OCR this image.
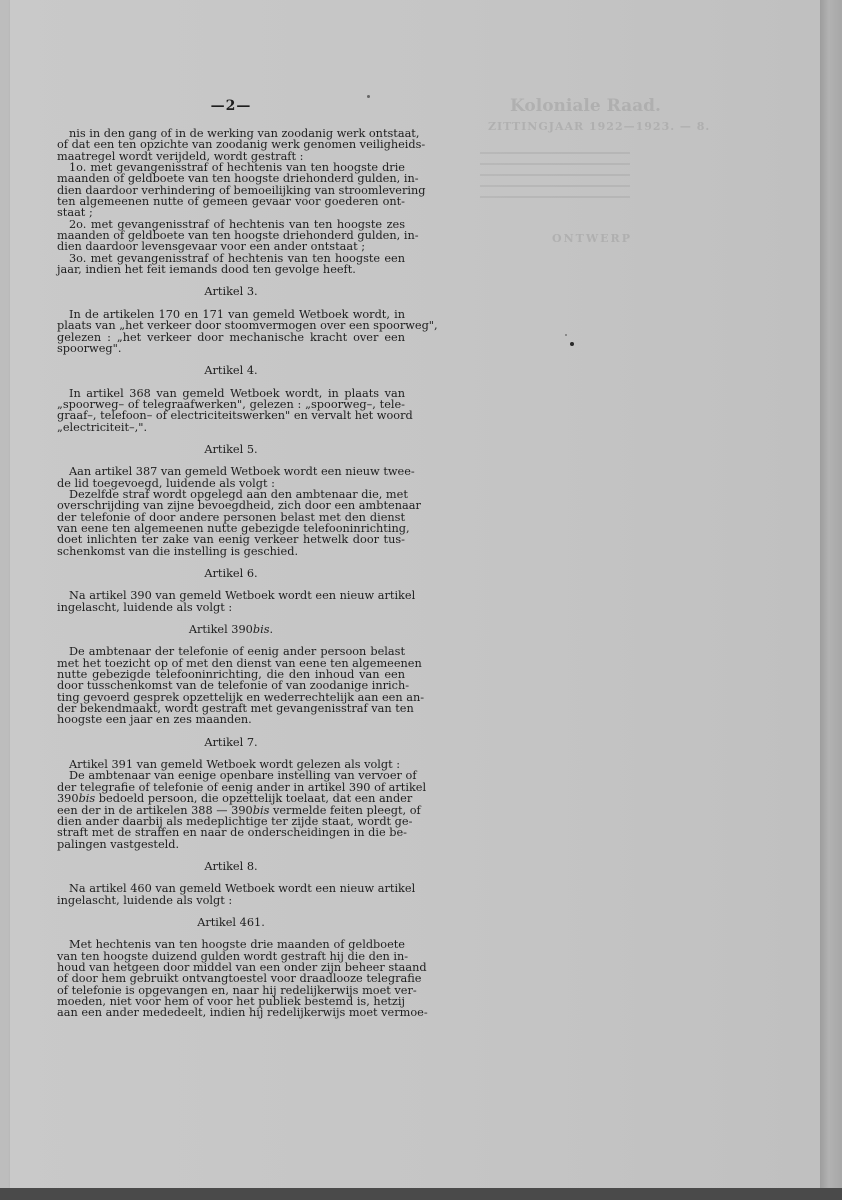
Koloniale Raad.
ZITTINGJAAR 1922—1923. — 8.
ONTWERP
—2—
nis in den gang of in de werking van zoodanig werk ontstaat,
of dat een ten opzichte van zoodanig werk genomen veiligheids-
maatregel wordt verijdeld, wordt gestraft :
1o. met gevangenisstraf of hechtenis van ten hoogste drie
maanden of geldboete van ten hoogste driehonderd gulden, in-
dien daardoor verhindering of bemoeilijking van stroomlevering
ten algemeenen nutte of gemeen gevaar voor goederen ont-
staat ;
2o. met gevangenisstraf of hechtenis van ten hoogste zes
maanden of geldboete van ten hoogste driehonderd gulden, in-
dien daardoor levensgevaar voor een ander ontstaat ;
3o. met gevangenisstraf of hechtenis van ten hoogste een
jaar, indien het feit iemands dood ten gevolge heeft.
Artikel 3.
In de artikelen 170 en 171 van gemeld Wetboek wordt, in
plaats van „het verkeer door stoomvermogen over een spoorweg",
gelezen : „het verkeer door mechanische kracht over een
spoorweg".
Artikel 4.
In artikel 368 van gemeld Wetboek wordt, in plaats van
„spoorweg– of telegraafwerken", gelezen : „spoorweg–, tele-
graaf–, telefoon– of electriciteitswerken" en vervalt het woord
„electriciteit–,".
Artikel 5.
Aan artikel 387 van gemeld Wetboek wordt een nieuw twee-
de lid toegevoegd, luidende als volgt :
Dezelfde straf wordt opgelegd aan den ambtenaar die, met
overschrijding van zijne bevoegdheid, zich door een ambtenaar
der telefonie of door andere personen belast met den dienst
van eene ten algemeenen nutte gebezigde telefooninrichting,
doet inlichten ter zake van eenig verkeer hetwelk door tus-
schenkomst van die instelling is geschied.
Artikel 6.
Na artikel 390 van gemeld Wetboek wordt een nieuw artikel
ingelascht, luidende als volgt :
Artikel 390bis.
De ambtenaar der telefonie of eenig ander persoon belast
met het toezicht op of met den dienst van eene ten algemeenen
nutte gebezigde telefooninrichting, die den inhoud van een
door tusschenkomst van de telefonie of van zoodanige inrich-
ting gevoerd gesprek opzettelijk en wederrechtelijk aan een an-
der bekendmaakt, wordt gestraft met gevangenisstraf van ten
hoogste een jaar en zes maanden.
Artikel 7.
Artikel 391 van gemeld Wetboek wordt gelezen als volgt :
De ambtenaar van eenige openbare instelling van vervoer of
der telegrafie of telefonie of eenig ander in artikel 390 of artikel
390bis bedoeld persoon, die opzettelijk toelaat, dat een ander
een der in de artikelen 388 — 390bis vermelde feiten pleegt, of
dien ander daarbij als medeplichtige ter zijde staat, wordt ge-
straft met de straffen en naar de onderscheidingen in die be-
palingen vastgesteld.
Artikel 8.
Na artikel 460 van gemeld Wetboek wordt een nieuw artikel
ingelascht, luidende als volgt :
Artikel 461.
Met hechtenis van ten hoogste drie maanden of geldboete
van ten hoogste duizend gulden wordt gestraft hij die den in-
houd van hetgeen door middel van een onder zijn beheer staand
of door hem gebruikt ontvangtoestel voor draadlooze telegrafie
of telefonie is opgevangen en, naar hij redelijkerwijs moet ver-
moeden, niet voor hem of voor het publiek bestemd is, hetzij
aan een ander mededeelt, indien hij redelijkerwijs moet vermoe-
